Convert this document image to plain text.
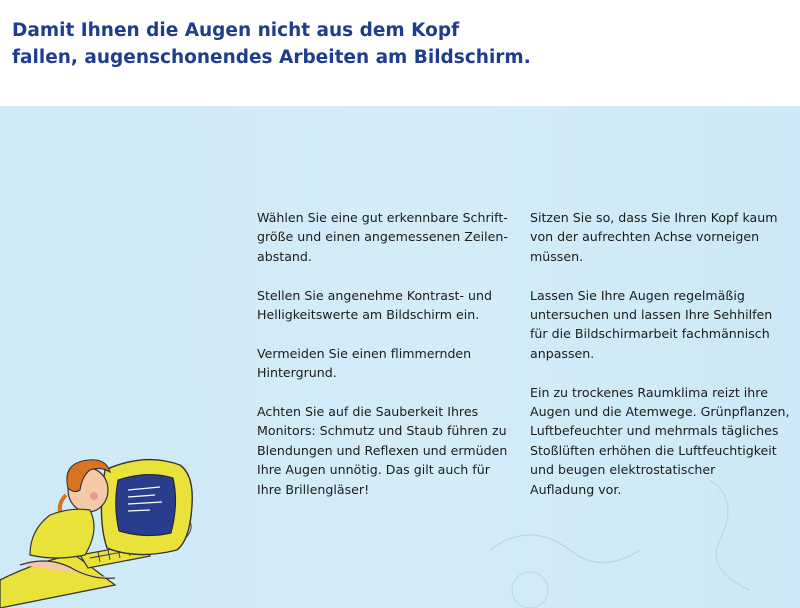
Damit Ihnen die Augen nicht aus dem Kopf
fallen, augenschonendes Arbeiten am Bildschirm.

Wählen Sie eine gut erkennbare Schrift-
größe und einen angemessenen Zeilen-
abstand.

Stellen Sie angenehme Kontrast- und
Helligkeitswerte am Bildschirm ein.

Vermeiden Sie einen flimmernden
Hintergrund.

Achten Sie auf die Sauberkeit Ihres
Monitors: Schmutz und Staub führen zu
Blendungen und Reflexen und ermüden
Ihre Augen unnötig. Das gilt auch für
Ihre Brillengläser!

Sitzen Sie so, dass Sie Ihren Kopf kaum
von der aufrechten Achse vorneigen
müssen.

Lassen Sie Ihre Augen regelmäßig
untersuchen und lassen Ihre Sehhilfen
für die Bildschirmarbeit fachmännisch
anpassen.

Ein zu trockenes Raumklima reizt ihre
Augen und die Atemwege. Grünpflanzen,
Luftbefeuchter und mehrmals tägliches
Stoßlüften erhöhen die Luftfeuchtigkeit
und beugen elektrostatischer
Aufladung vor.
